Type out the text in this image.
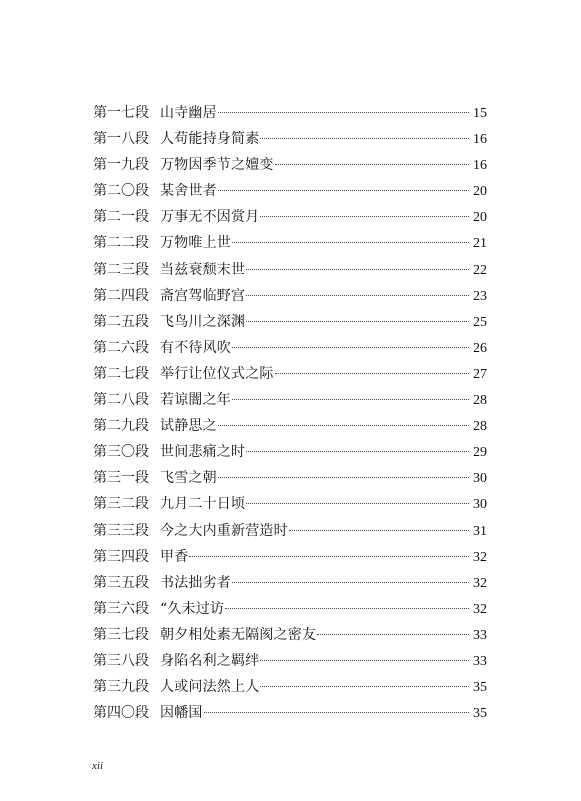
第一七段 山寺幽居	15
第一八段 人苟能持身简素	16
第一九段 万物因季节之嬗变	16
第二〇段 某舍世者	20
第二一段 万事无不因赏月	20
第二二段 万物唯上世	21
第二三段 当兹衰颓末世	22
第二四段 斋宫驾临野宫	23
第二五段 飞鸟川之深渊	25
第二六段 有不待风吹	26
第二七段 举行让位仪式之际	27
第二八段 若谅闇之年	28
第二九段 试静思之	28
第三〇段 世间悲痛之时	29
第三一段 飞雪之朝	30
第三二段 九月二十日顷	30
第三三段 今之大内重新营造时	31
第三四段 甲香	32
第三五段 书法拙劣者	32
第三六段 “久未过访	32
第三七段 朝夕相处素无隔阂之密友	33
第三八段 身陷名利之羁绊	33
第三九段 人或问法然上人	35
第四〇段 因幡国	35
xii
